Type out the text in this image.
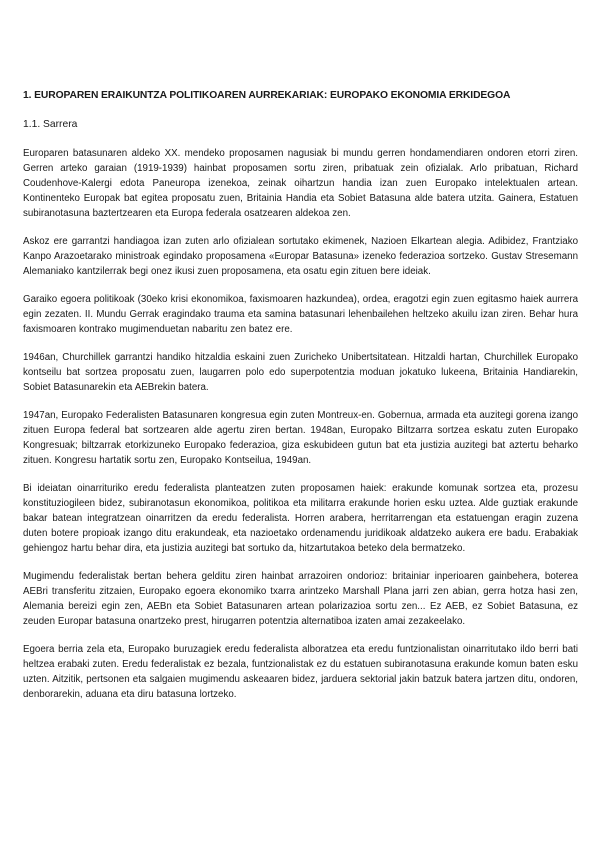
1. EUROPAREN ERAIKUNTZA POLITIKOAREN AURREKARIAK: EUROPAKO EKONOMIA ERKIDEGOA
1.1. Sarrera

Europaren batasunaren aldeko XX. mendeko proposamen nagusiak bi mundu gerren hondamendiaren ondoren etorri ziren. Gerren arteko garaian (1919-1939) hainbat proposamen sortu ziren, pribatuak zein ofizialak. Arlo pribatuan, Richard Coudenhove-Kalergi edota Paneuropa izenekoa, zeinak oihartzun handia izan zuen Europako intelektualen artean. Kontinenteko Europak bat egitea proposatu zuen, Britainia Handia eta Sobiet Batasuna alde batera utzita. Gainera, Estatuen subiranotasuna baztertzearen eta Europa federala osatzearen aldekoa zen.

Askoz ere garrantzi handiagoa izan zuten arlo ofizialean sortutako ekimenek, Nazioen Elkartean alegia. Adibidez, Frantziako Kanpo Arazoetarako ministroak egindako proposamena «Europar Batasuna» izeneko federazioa sortzeko. Gustav Stresemann Alemaniako kantzilerrak begi onez ikusi zuen proposamena, eta osatu egin zituen bere ideiak.

Garaiko egoera politikoak (30eko krisi ekonomikoa, faxismoaren hazkundea), ordea, eragotzi egin zuen egitasmo haiek aurrera egin zezaten. II. Mundu Gerrak eragindako trauma eta samina batasunari lehenbailehen heltzeko akuilu izan ziren. Behar hura faxismoaren kontrako mugimenduetan nabaritu zen batez ere.

1946an, Churchillek garrantzi handiko hitzaldia eskaini zuen Zuricheko Unibertsitatean. Hitzaldi hartan, Churchillek Europako kontseilu bat sortzea proposatu zuen, laugarren polo edo superpotentzia moduan jokatuko lukeena, Britainia Handiarekin, Sobiet Batasunarekin eta AEBrekin batera.

1947an, Europako Federalisten Batasunaren kongresua egin zuten Montreux-en. Gobernua, armada eta auzitegi gorena izango zituen Europa federal bat sortzearen alde agertu ziren bertan. 1948an, Europako Biltzarra sortzea eskatu zuten Europako Kongresuak; biltzarrak etorkizuneko Europako federazioa, giza eskubideen gutun bat eta justizia auzitegi bat aztertu beharko zituen. Kongresu hartatik sortu zen, Europako Kontseilua, 1949an.

Bi ideiatan oinarrituriko eredu federalista planteatzen zuten proposamen haiek: erakunde komunak sortzea eta, prozesu konstituziogileen bidez, subiranotasun ekonomikoa, politikoa eta militarra erakunde horien esku uztea. Alde guztiak erakunde bakar batean integratzean oinarritzen da eredu federalista. Horren arabera, herritarrengan eta estatuengan eragin zuzena duten botere propioak izango ditu erakundeak, eta nazioetako ordenamendu juridikoak aldatzeko aukera ere badu. Erabakiak gehiengoz hartu behar dira, eta justizia auzitegi bat sortuko da, hitzartutakoa beteko dela bermatzeko.

Mugimendu federalistak bertan behera gelditu ziren hainbat arrazoiren ondorioz: britainiar inperioaren gainbehera, boterea AEBri transferitu zitzaien, Europako egoera ekonomiko txarra arintzeko Marshall Plana jarri zen abian, gerra hotza hasi zen, Alemania bereizi egin zen, AEBn eta Sobiet Batasunaren artean polarizazioa sortu zen... Ez AEB, ez Sobiet Batasuna, ez zeuden Europar batasuna onartzeko prest, hirugarren potentzia alternatiboa izaten amai zezakeelako.

Egoera berria zela eta, Europako buruzagiek eredu federalista alboratzea eta eredu funtzionalistan oinarritutako ildo berri bati heltzea erabaki zuten. Eredu federalistak ez bezala, funtzionalistak ez du estatuen subiranotasuna erakunde komun baten esku uzten. Aitzitik, pertsonen eta salgaien mugimendu askeaaren bidez, jarduera sektorial jakin batzuk batera jartzen ditu, ondoren, denborarekin, aduana eta diru batasuna lortzeko.
